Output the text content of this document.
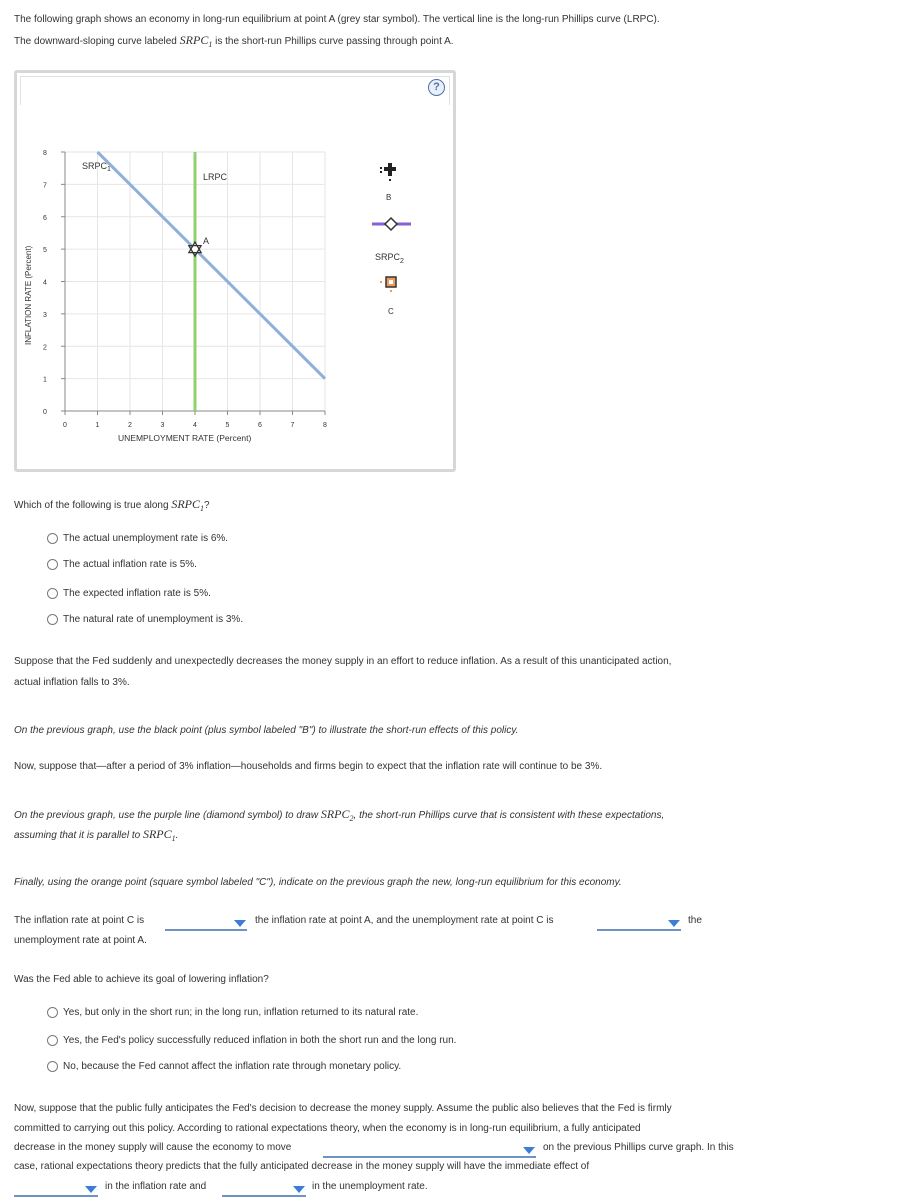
The following graph shows an economy in long-run equilibrium at point A (grey star symbol). The vertical line is the long-run Phillips curve (LRPC).
The downward-sloping curve labeled $SRPC_1$ is the short-run Phillips curve passing through point A.
?
0	1	2	3	4	5	6	7	8
0
1
2
3
4
5
6
7
8
A
LRPC
$SRPC_1$
INFLATION RATE (Percent)
UNEMPLOYMENT RATE (Percent)
B
$SRPC_2$
C
Which of the following is true along $SRPC_1$?
The actual unemployment rate is 6%.
The actual inflation rate is 5%.
The expected inflation rate is 5%.
The natural rate of unemployment is 3%.
Suppose that the Fed suddenly and unexpectedly decreases the money supply in an effort to reduce inflation. As a result of this unanticipated action,
actual inflation falls to 3%.
On the previous graph, use the black point (plus symbol labeled "B") to illustrate the short-run effects of this policy.
Now, suppose that—after a period of 3% inflation—households and firms begin to expect that the inflation rate will continue to be 3%.
On the previous graph, use the purple line (diamond symbol) to draw $SRPC_2$, the short-run Phillips curve that is consistent with these expectations,
assuming that it is parallel to $SRPC_1$.
Finally, using the orange point (square symbol labeled "C"), indicate on the previous graph the new, long-run equilibrium for this economy.
The inflation rate at point C is	the inflation rate at point A, and the unemployment rate at point C is	the
unemployment rate at point A.
Was the Fed able to achieve its goal of lowering inflation?
Yes, but only in the short run; in the long run, inflation returned to its natural rate.
Yes, the Fed's policy successfully reduced inflation in both the short run and the long run.
No, because the Fed cannot affect the inflation rate through monetary policy.
Now, suppose that the public fully anticipates the Fed's decision to decrease the money supply. Assume the public also believes that the Fed is firmly
committed to carrying out this policy. According to rational expectations theory, when the economy is in long-run equilibrium, a fully anticipated
decrease in the money supply will cause the economy to move	on the previous Phillips curve graph. In this
case, rational expectations theory predicts that the fully anticipated decrease in the money supply will have the immediate effect of
in the inflation rate and	in the unemployment rate.
